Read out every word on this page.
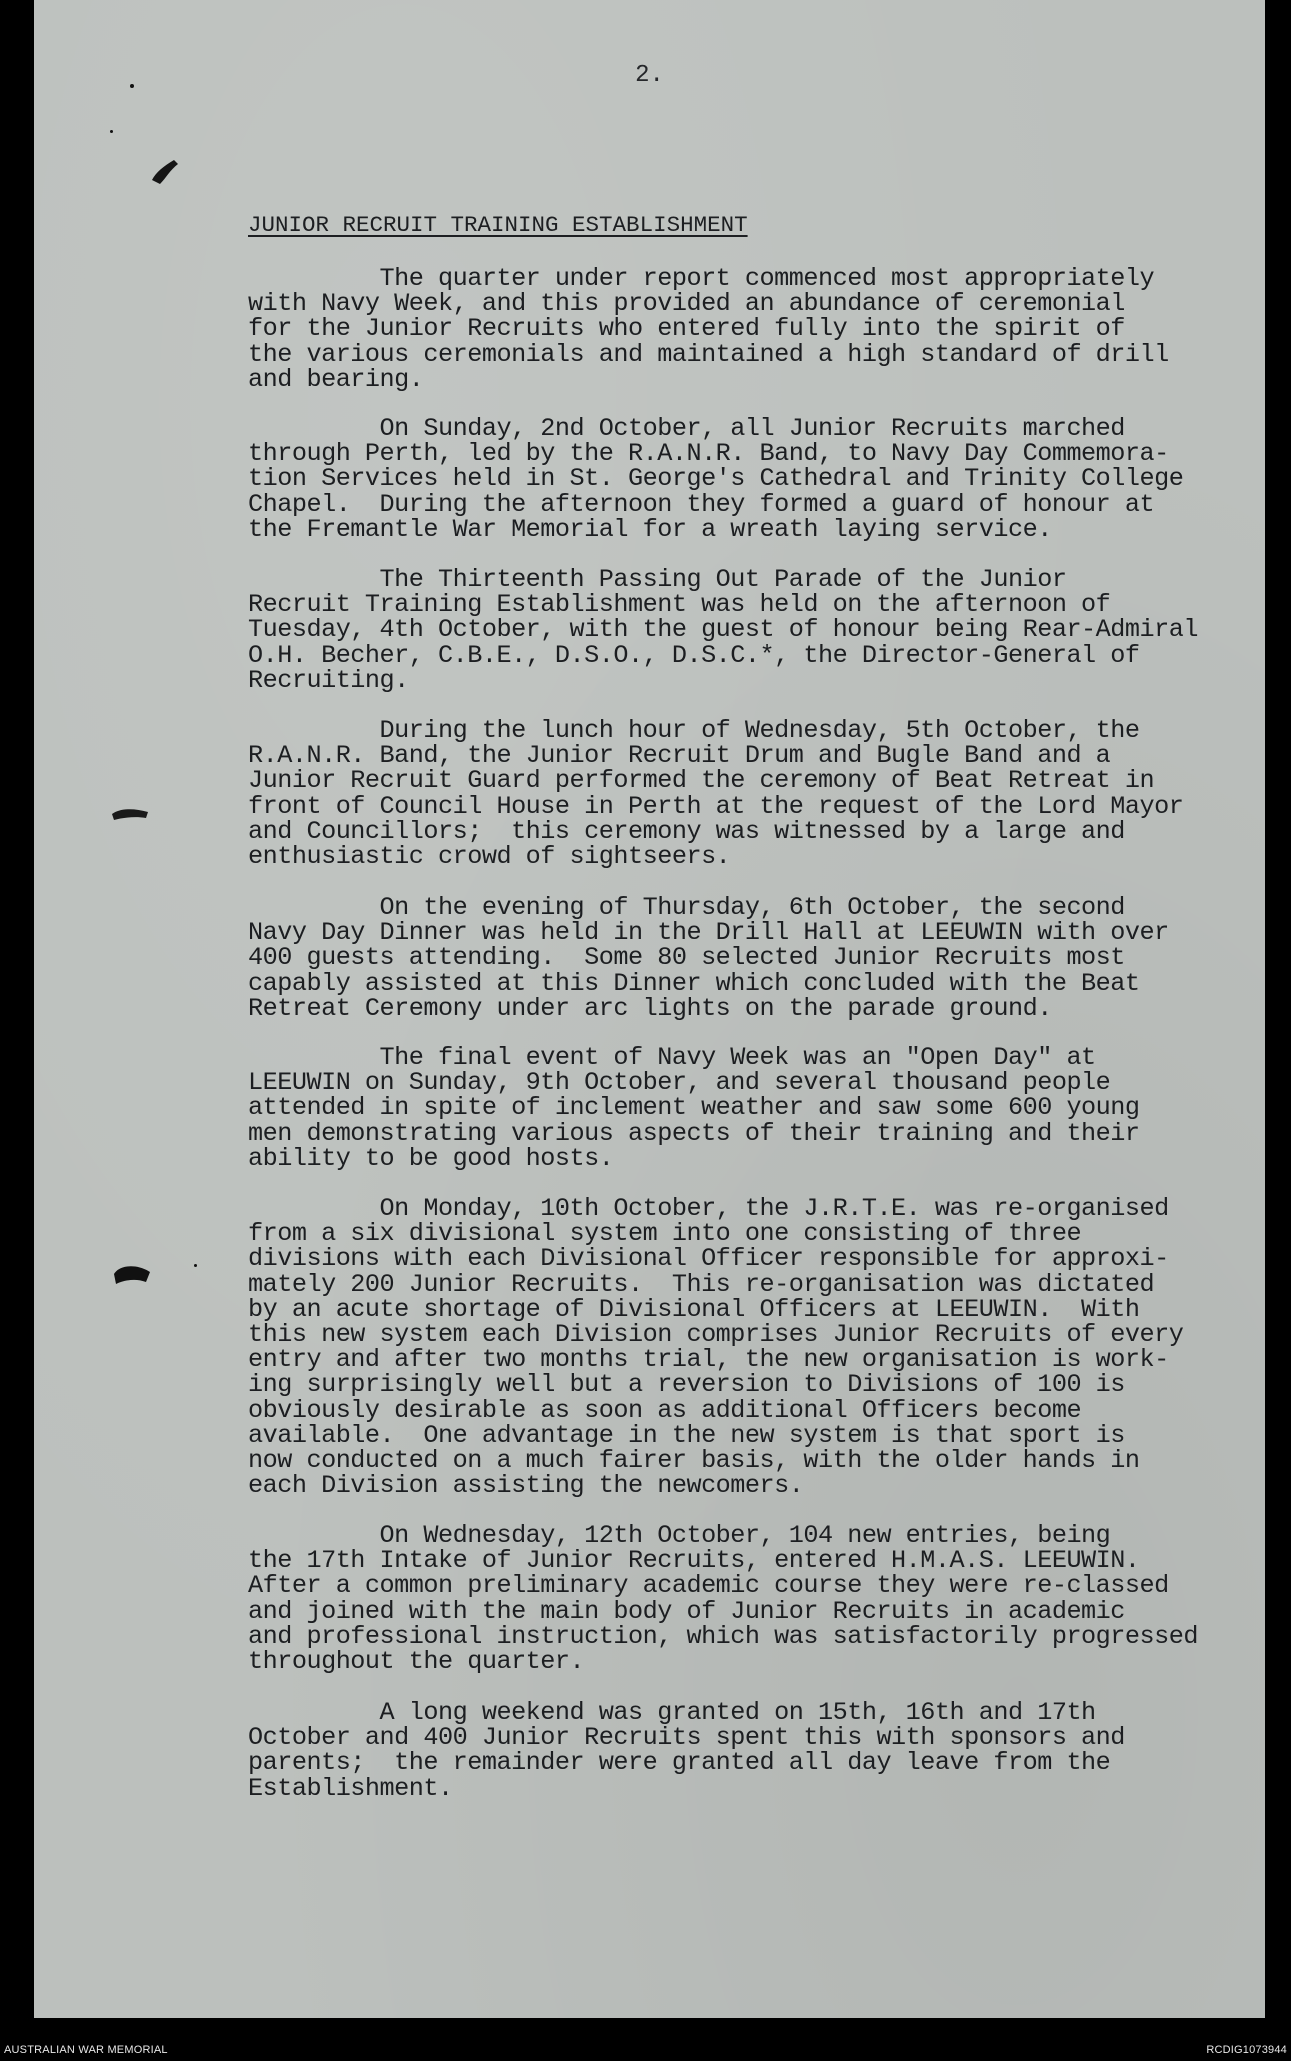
2.
JUNIOR RECRUIT TRAINING ESTABLISHMENT
The quarter under report commenced most appropriately
with Navy Week, and this provided an abundance of ceremonial
for the Junior Recruits who entered fully into the spirit of
the various ceremonials and maintained a high standard of drill
and bearing.
On Sunday, 2nd October, all Junior Recruits marched
through Perth, led by the R.A.N.R. Band, to Navy Day Commemora-
tion Services held in St. George's Cathedral and Trinity College
Chapel.  During the afternoon they formed a guard of honour at
the Fremantle War Memorial for a wreath laying service.
The Thirteenth Passing Out Parade of the Junior
Recruit Training Establishment was held on the afternoon of
Tuesday, 4th October, with the guest of honour being Rear-Admiral
O.H. Becher, C.B.E., D.S.O., D.S.C.*, the Director-General of
Recruiting.
During the lunch hour of Wednesday, 5th October, the
R.A.N.R. Band, the Junior Recruit Drum and Bugle Band and a
Junior Recruit Guard performed the ceremony of Beat Retreat in
front of Council House in Perth at the request of the Lord Mayor
and Councillors;  this ceremony was witnessed by a large and
enthusiastic crowd of sightseers.
On the evening of Thursday, 6th October, the second
Navy Day Dinner was held in the Drill Hall at LEEUWIN with over
400 guests attending.  Some 80 selected Junior Recruits most
capably assisted at this Dinner which concluded with the Beat
Retreat Ceremony under arc lights on the parade ground.
The final event of Navy Week was an "Open Day" at
LEEUWIN on Sunday, 9th October, and several thousand people
attended in spite of inclement weather and saw some 600 young
men demonstrating various aspects of their training and their
ability to be good hosts.
On Monday, 10th October, the J.R.T.E. was re-organised
from a six divisional system into one consisting of three
divisions with each Divisional Officer responsible for approxi-
mately 200 Junior Recruits.  This re-organisation was dictated
by an acute shortage of Divisional Officers at LEEUWIN.  With
this new system each Division comprises Junior Recruits of every
entry and after two months trial, the new organisation is work-
ing surprisingly well but a reversion to Divisions of 100 is
obviously desirable as soon as additional Officers become
available.  One advantage in the new system is that sport is
now conducted on a much fairer basis, with the older hands in
each Division assisting the newcomers.
On Wednesday, 12th October, 104 new entries, being
the 17th Intake of Junior Recruits, entered H.M.A.S. LEEUWIN.
After a common preliminary academic course they were re-classed
and joined with the main body of Junior Recruits in academic
and professional instruction, which was satisfactorily progressed
throughout the quarter.
A long weekend was granted on 15th, 16th and 17th
October and 400 Junior Recruits spent this with sponsors and
parents;  the remainder were granted all day leave from the
Establishment.
AUSTRALIAN WAR MEMORIAL	RCDIG1073944
